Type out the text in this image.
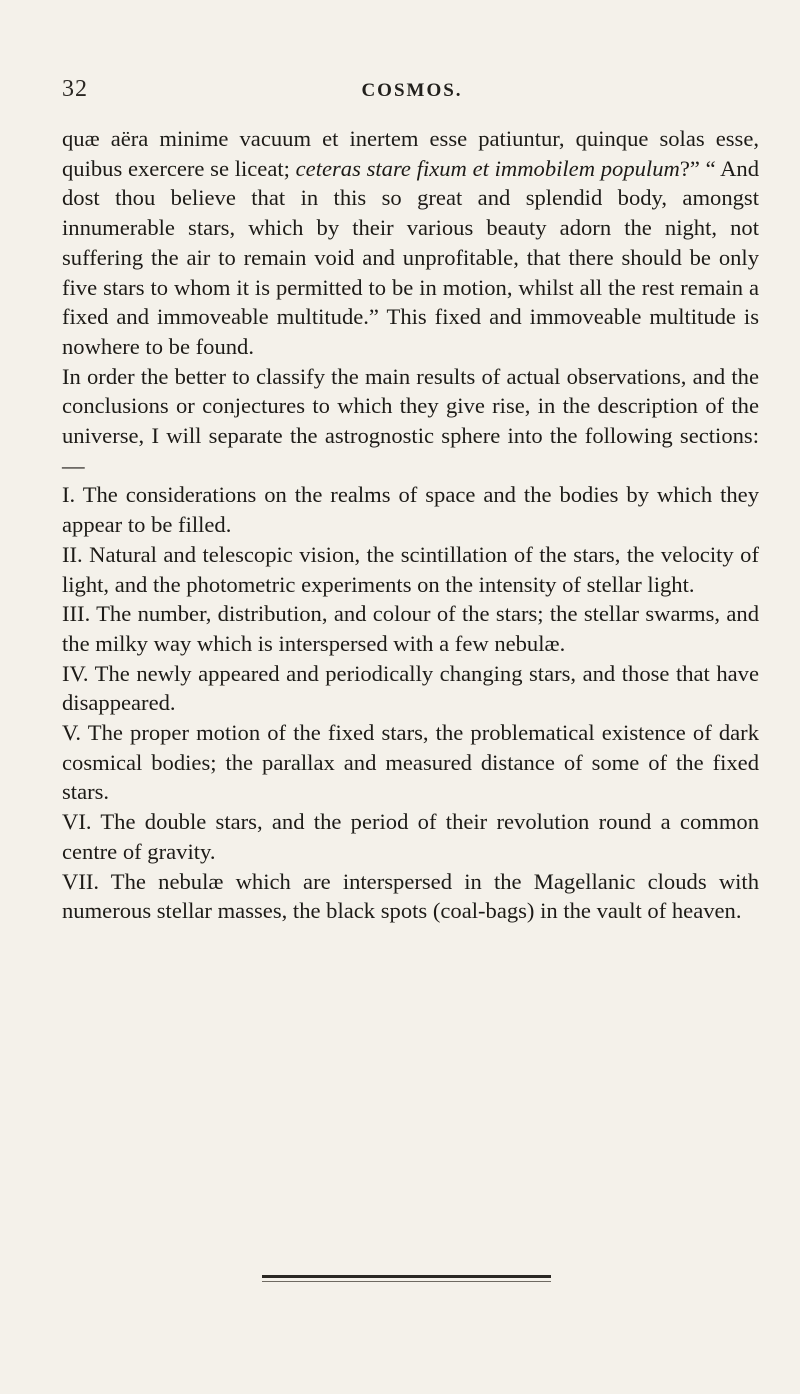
32	COSMOS.

quæ aëra minime vacuum et inertem esse patiuntur, quinque solas esse, quibus exercere se liceat; ceteras stare fixum et immobilem populum?” “ And dost thou believe that in this so great and splendid body, amongst innumerable stars, which by their various beauty adorn the night, not suffering the air to remain void and unprofitable, that there should be only five stars to whom it is permitted to be in motion, whilst all the rest remain a fixed and immoveable multitude.” This fixed and immoveable multitude is nowhere to be found.

In order the better to classify the main results of actual observations, and the conclusions or conjectures to which they give rise, in the description of the universe, I will separate the astrognostic sphere into the following sections:—

I. The considerations on the realms of space and the bodies by which they appear to be filled.

II. Natural and telescopic vision, the scintillation of the stars, the velocity of light, and the photometric experiments on the intensity of stellar light.

III. The number, distribution, and colour of the stars; the stellar swarms, and the milky way which is interspersed with a few nebulæ.

IV. The newly appeared and periodically changing stars, and those that have disappeared.

V. The proper motion of the fixed stars, the problematical existence of dark cosmical bodies; the parallax and measured distance of some of the fixed stars.

VI. The double stars, and the period of their revolution round a common centre of gravity.

VII. The nebulæ which are interspersed in the Magellanic clouds with numerous stellar masses, the black spots (coal-bags) in the vault of heaven.
